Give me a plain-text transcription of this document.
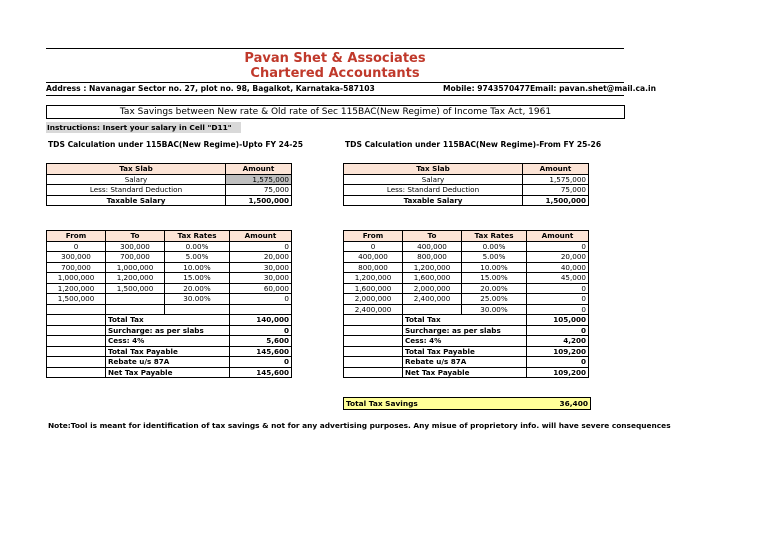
Pavan Shet & Associates
Chartered Accountants
Address : Navanagar Sector no. 27, plot no. 98, Bagalkot, Karnataka-587103	Mobile: 9743570477 Email: pavan.shet@mail.ca.in
Tax Savings between New rate & Old rate of Sec 115BAC(New Regime) of Income Tax Act, 1961
Instructions: Insert your salary in Cell "D11"
TDS Calculation under 115BAC(New Regime)-Upto FY 24-25	TDS Calculation under 115BAC(New Regime)-From FY 25-26
Tax Slab	Amount
Salary	1,575,000
Less: Standard Deduction	75,000
Taxable Salary	1,500,000
Tax Slab	Amount
Salary	1,575,000
Less: Standard Deduction	75,000
Taxable Salary	1,500,000
From	To	Tax Rates	Amount
0	300,000	0.00%	0
300,000	700,000	5.00%	20,000
700,000	1,000,000	10.00%	30,000
1,000,000	1,200,000	15.00%	30,000
1,200,000	1,500,000	20.00%	60,000
1,500,000		30.00%	0

	Total Tax		140,000
	Surcharge: as per slabs		0
	Cess: 4%		5,600
	Total Tax Payable		145,600
	Rebate u/s 87A		0
	Net Tax Payable		145,600
From	To	Tax Rates	Amount
0	400,000	0.00%	0
400,000	800,000	5.00%	20,000
800,000	1,200,000	10.00%	40,000
1,200,000	1,600,000	15.00%	45,000
1,600,000	2,000,000	20.00%	0
2,000,000	2,400,000	25.00%	0
2,400,000		30.00%	0
	Total Tax		105,000
	Surcharge: as per slabs		0
	Cess: 4%		4,200
	Total Tax Payable		109,200
	Rebate u/s 87A		0
	Net Tax Payable		109,200
Total Tax Savings	36,400
Note:Tool is meant for identification of tax savings & not for any advertising purposes. Any misue of proprietory info. will have severe consequences
